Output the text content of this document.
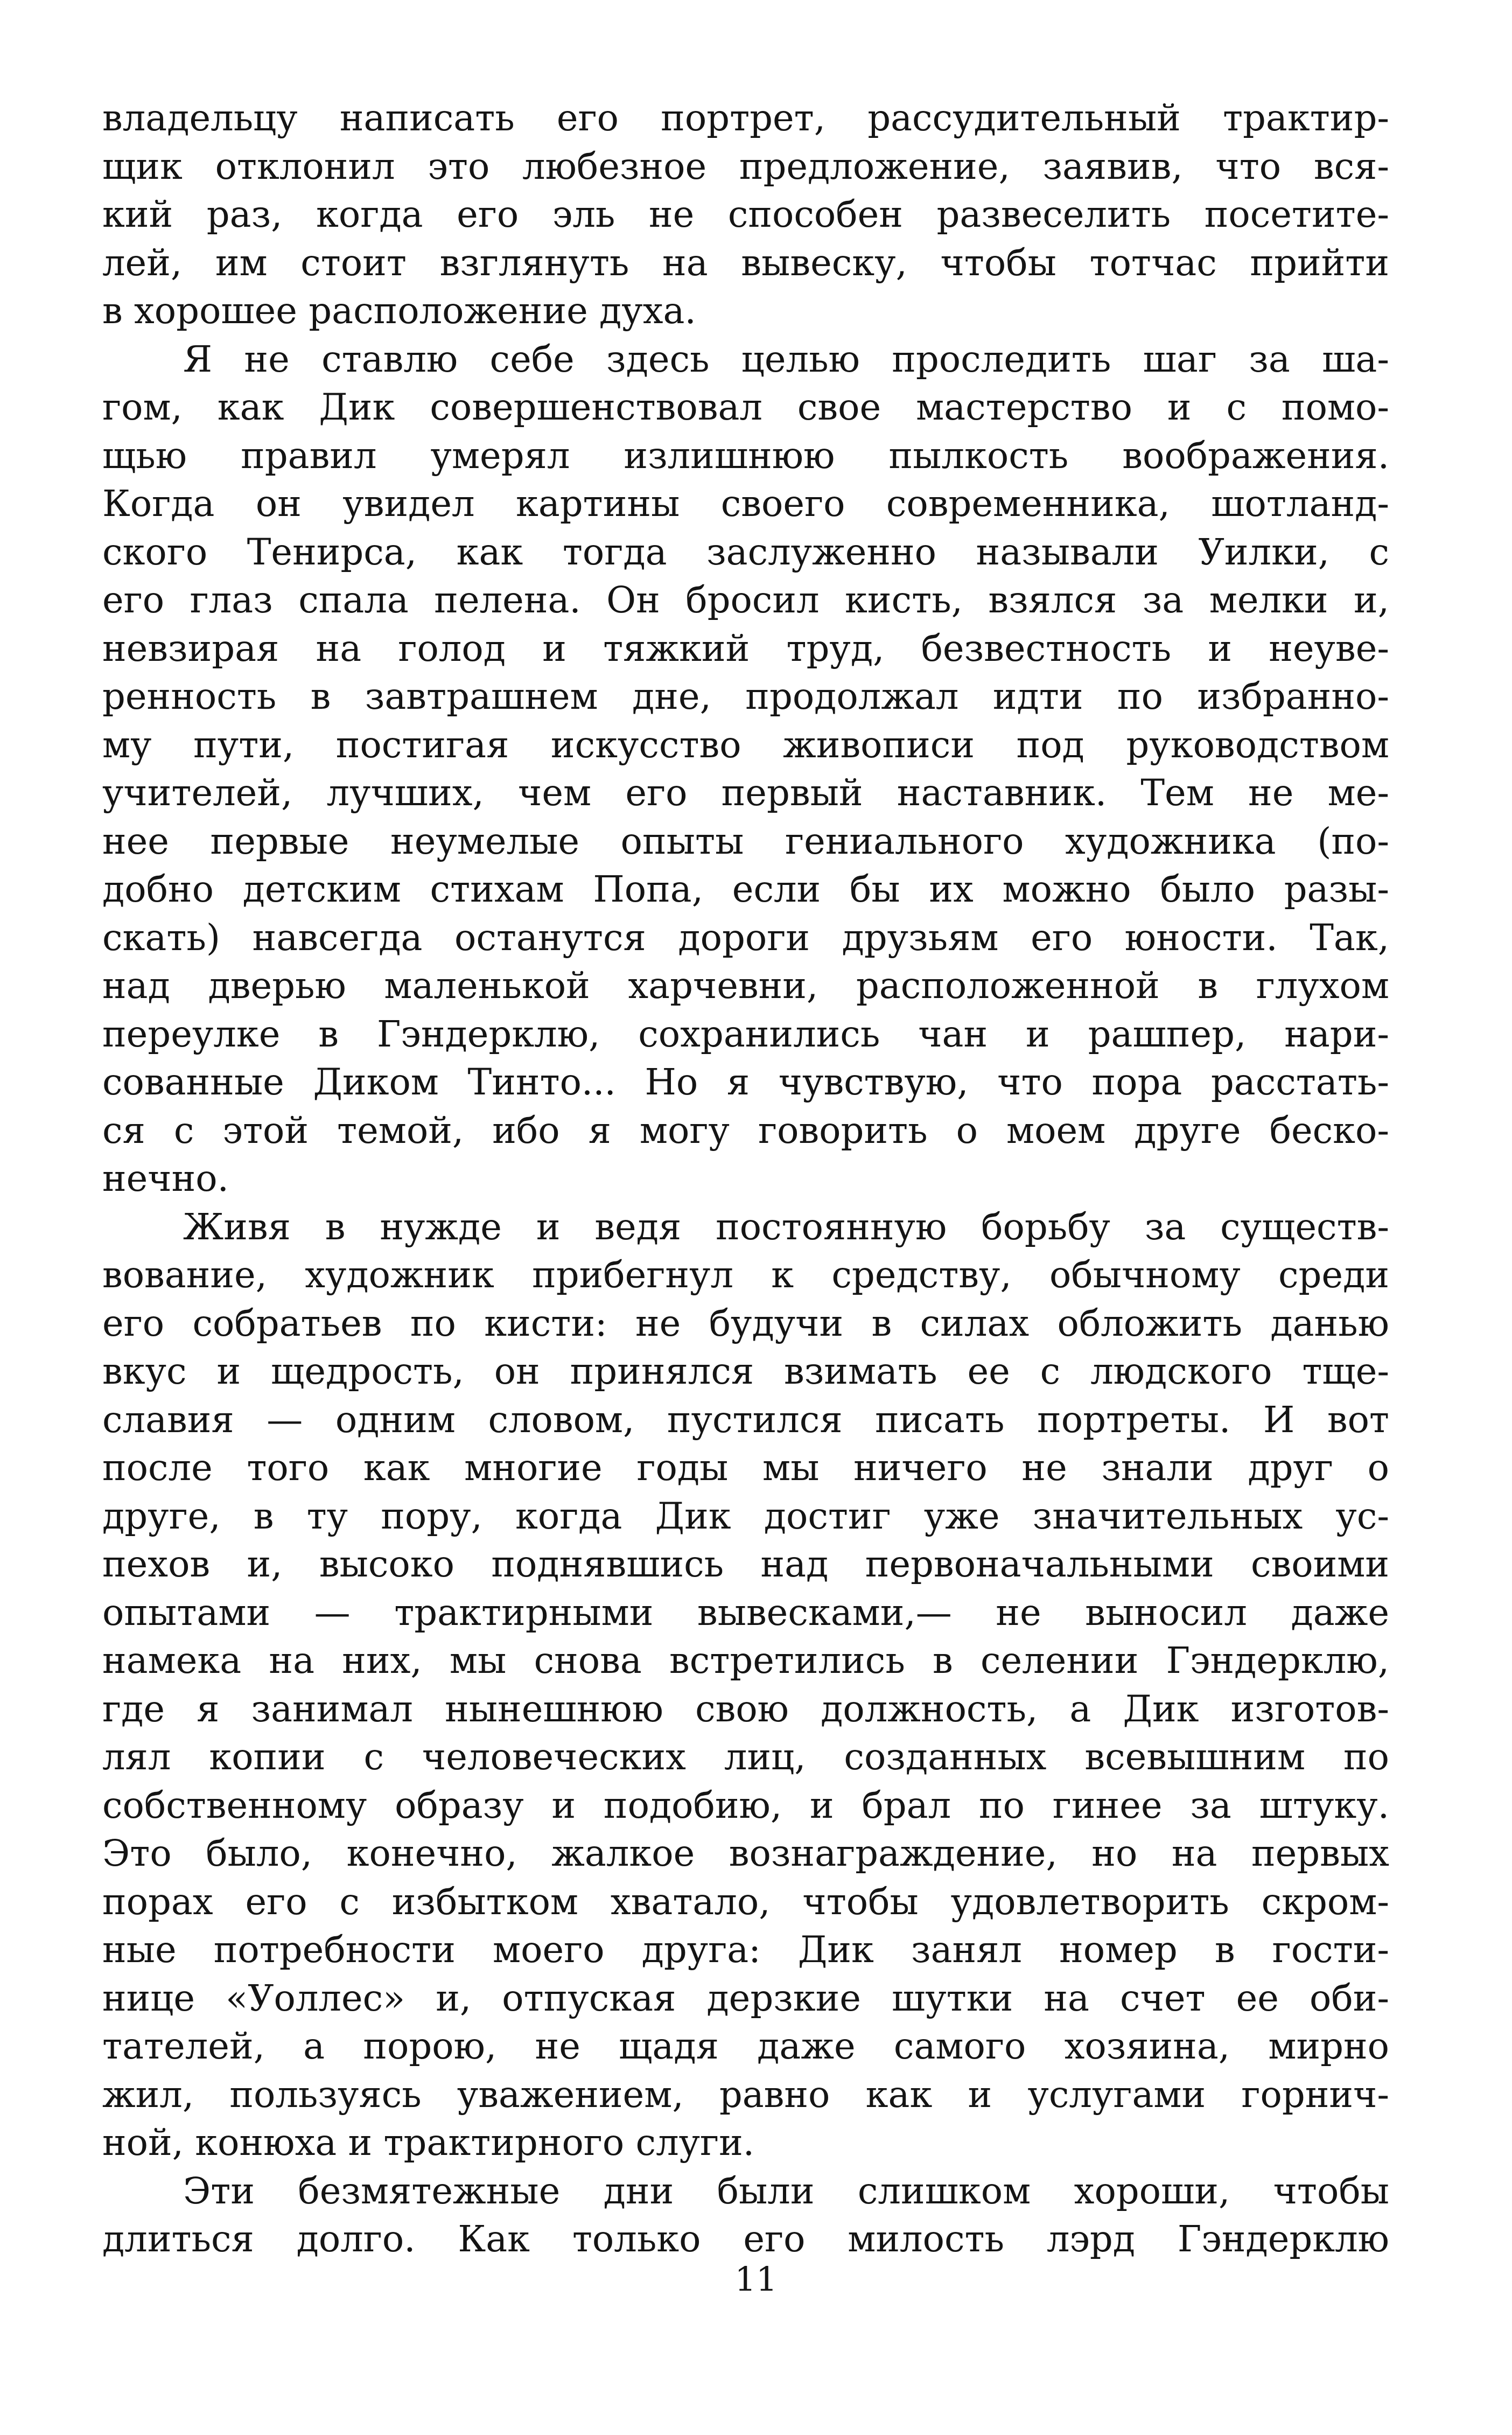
владельцу написать его портрет, рассудительный трактир-
щик отклонил это любезное предложение, заявив, что вся-
кий раз, когда его эль не способен развеселить посетите-
лей, им стоит взглянуть на вывеску, чтобы тотчас прийти
в хорошее расположение духа.
Я не ставлю себе здесь целью проследить шаг за ша-
гом, как Дик совершенствовал свое мастерство и с помо-
щью правил умерял излишнюю пылкость воображения.
Когда он увидел картины своего современника, шотланд-
ского Тенирса, как тогда заслуженно называли Уилки, с
его глаз спала пелена. Он бросил кисть, взялся за мелки и,
невзирая на голод и тяжкий труд, безвестность и неуве-
ренность в завтрашнем дне, продолжал идти по избранно-
му пути, постигая искусство живописи под руководством
учителей, лучших, чем его первый наставник. Тем не ме-
нее первые неумелые опыты гениального художника (по-
добно детским стихам Попа, если бы их можно было разы-
скать) навсегда останутся дороги друзьям его юности. Так,
над дверью маленькой харчевни, расположенной в глухом
переулке в Гэндерклю, сохранились чан и рашпер, нари-
сованные Диком Тинто... Но я чувствую, что пора расстать-
ся с этой темой, ибо я могу говорить о моем друге беско-
нечно.
Живя в нужде и ведя постоянную борьбу за существ-
вование, художник прибегнул к средству, обычному среди
его собратьев по кисти: не будучи в силах обложить данью
вкус и щедрость, он принялся взимать ее с людского тще-
славия — одним словом, пустился писать портреты. И вот
после того как многие годы мы ничего не знали друг о
друге, в ту пору, когда Дик достиг уже значительных ус-
пехов и, высоко поднявшись над первоначальными своими
опытами — трактирными вывесками,— не выносил даже
намека на них, мы снова встретились в селении Гэндерклю,
где я занимал нынешнюю свою должность, а Дик изготов-
лял копии с человеческих лиц, созданных всевышним по
собственному образу и подобию, и брал по гинее за штуку.
Это было, конечно, жалкое вознаграждение, но на первых
порах его с избытком хватало, чтобы удовлетворить скром-
ные потребности моего друга: Дик занял номер в гости-
нице «Уоллес» и, отпуская дерзкие шутки на счет ее оби-
тателей, а порою, не щадя даже самого хозяина, мирно
жил, пользуясь уважением, равно как и услугами горнич-
ной, конюха и трактирного слуги.
Эти безмятежные дни были слишком хороши, чтобы
длиться долго. Как только его милость лэрд Гэндерклю
11
